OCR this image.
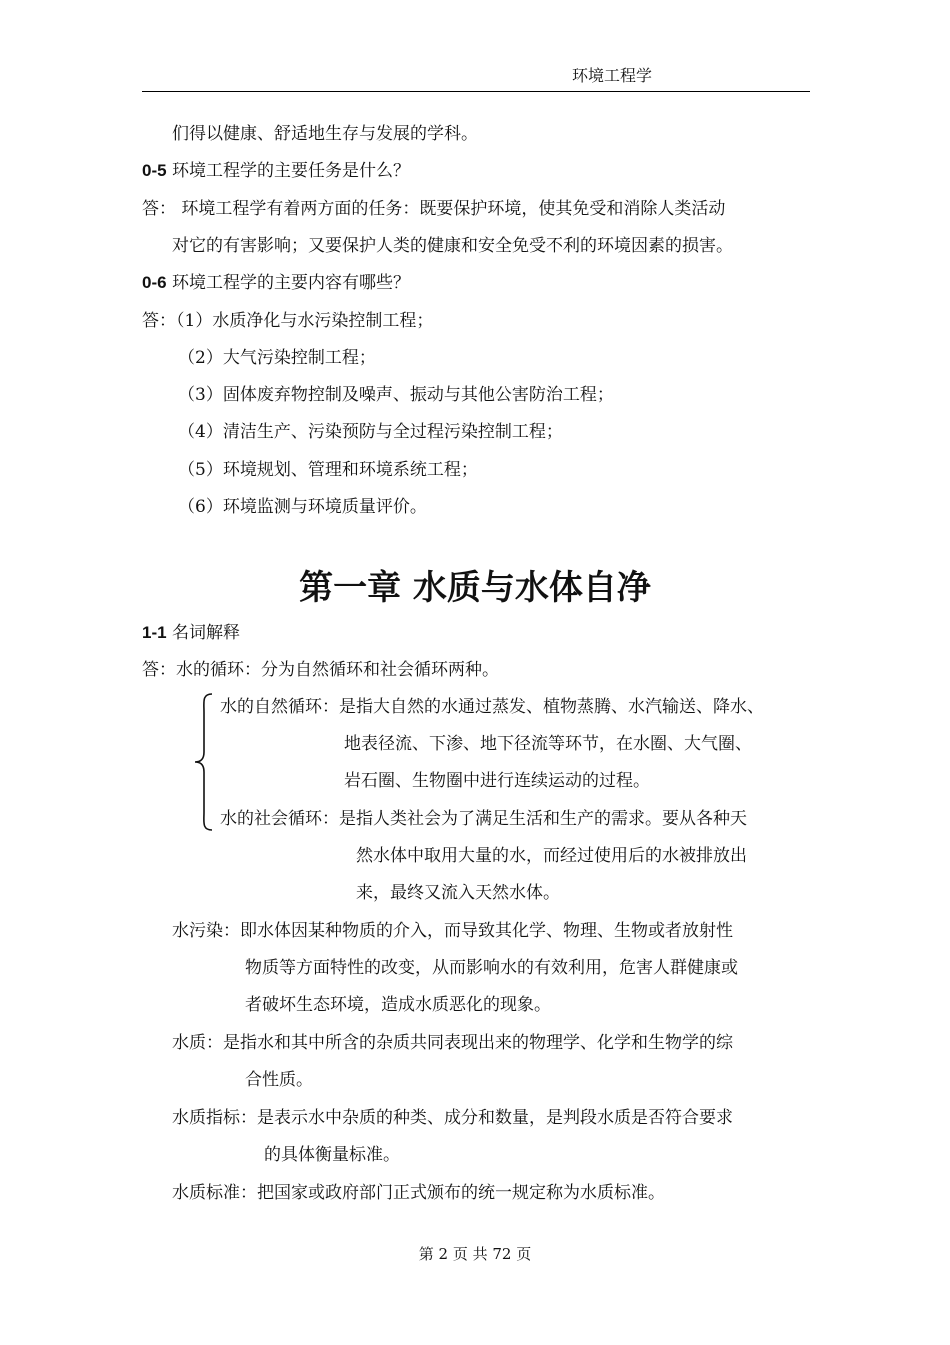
环境工程学
们得以健康、舒适地生存与发展的学科。
0-5 环境工程学的主要任务是什么？
答： 环境工程学有着两方面的任务：既要保护环境，使其免受和消除人类活动
对它的有害影响；又要保护人类的健康和安全免受不利的环境因素的损害。
0-6 环境工程学的主要内容有哪些？
答：（1）水质净化与水污染控制工程；
（2）大气污染控制工程；
（3）固体废弃物控制及噪声、振动与其他公害防治工程；
（4）清洁生产、污染预防与全过程污染控制工程；
（5）环境规划、管理和环境系统工程；
（6）环境监测与环境质量评价。
第一章 水质与水体自净
1-1 名词解释
答：水的循环：分为自然循环和社会循环两种。
水的自然循环：是指大自然的水通过蒸发、植物蒸腾、水汽输送、降水、
地表径流、下渗、地下径流等环节，在水圈、大气圈、
岩石圈、生物圈中进行连续运动的过程。
水的社会循环：是指人类社会为了满足生活和生产的需求。要从各种天
然水体中取用大量的水，而经过使用后的水被排放出
来，最终又流入天然水体。
水污染：即水体因某种物质的介入，而导致其化学、物理、生物或者放射性
物质等方面特性的改变，从而影响水的有效利用，危害人群健康或
者破坏生态环境，造成水质恶化的现象。
水质：是指水和其中所含的杂质共同表现出来的物理学、化学和生物学的综
合性质。
水质指标：是表示水中杂质的种类、成分和数量，是判段水质是否符合要求
的具体衡量标准。
水质标准：把国家或政府部门正式颁布的统一规定称为水质标准。
第 2 页 共 72 页
